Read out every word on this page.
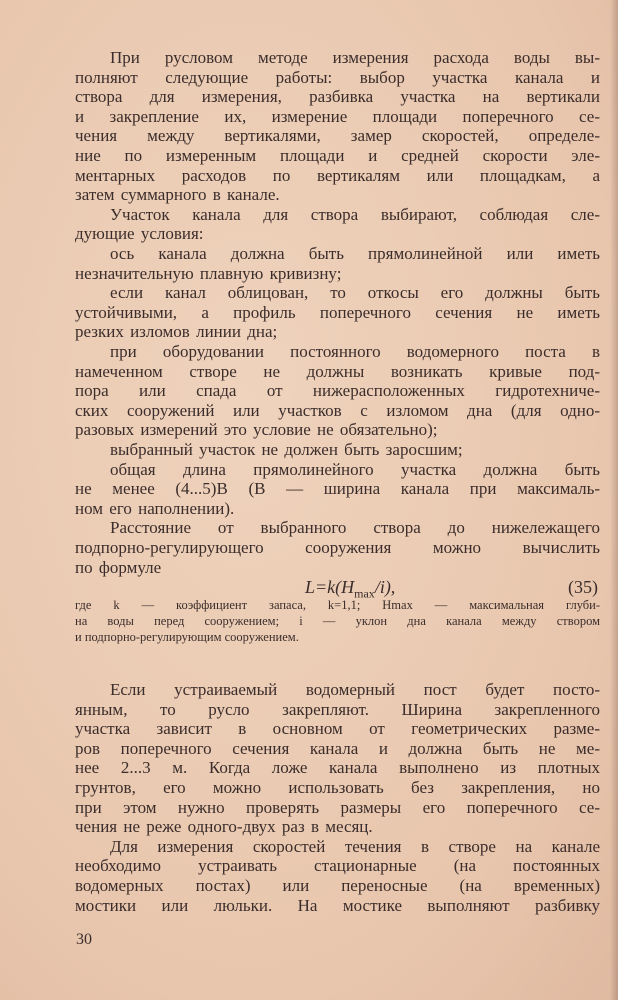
При русловом методе измерения расхода воды вы-
полняют следующие работы: выбор участка канала и
створа для измерения, разбивка участка на вертикали
и закрепление их, измерение площади поперечного се-
чения между вертикалями, замер скоростей, определе-
ние по измеренным площади и средней скорости эле-
ментарных расходов по вертикалям или площадкам, а
затем суммарного в канале.
Участок канала для створа выбирают, соблюдая сле-
дующие условия:
ось канала должна быть прямолинейной или иметь
незначительную плавную кривизну;
если канал облицован, то откосы его должны быть
устойчивыми, а профиль поперечного сечения не иметь
резких изломов линии дна;
при оборудовании постоянного водомерного поста в
намеченном створе не должны возникать кривые под-
пора или спада от нижерасположенных гидротехниче-
ских сооружений или участков с изломом дна (для одно-
разовых измерений это условие не обязательно);
выбранный участок не должен быть заросшим;
общая длина прямолинейного участка должна быть
не менее (4...5)B (B — ширина канала при максималь-
ном его наполнении).
Расстояние от выбранного створа до нижележащего
подпорно-регулирующего сооружения можно вычислить
по формуле
Если устраиваемый водомерный пост будет посто-
янным, то русло закрепляют. Ширина закрепленного
участка зависит в основном от геометрических разме-
ров поперечного сечения канала и должна быть не ме-
нее 2...3 м. Когда ложе канала выполнено из плотных
грунтов, его можно использовать без закрепления, но
при этом нужно проверять размеры его поперечного се-
чения не реже одного-двух раз в месяц.
Для измерения скоростей течения в створе на канале
необходимо устраивать стационарные (на постоянных
водомерных постах) или переносные (на временных)
мостики или люльки. На мостике выполняют разбивку
$L=k(H_{max}/i)$,	(35)
где k — коэффициент запаса, k=1,1; Hmax — максимальная глуби-
на воды перед сооружением; i — уклон дна канала между створом
и подпорно-регулирующим сооружением.
30
